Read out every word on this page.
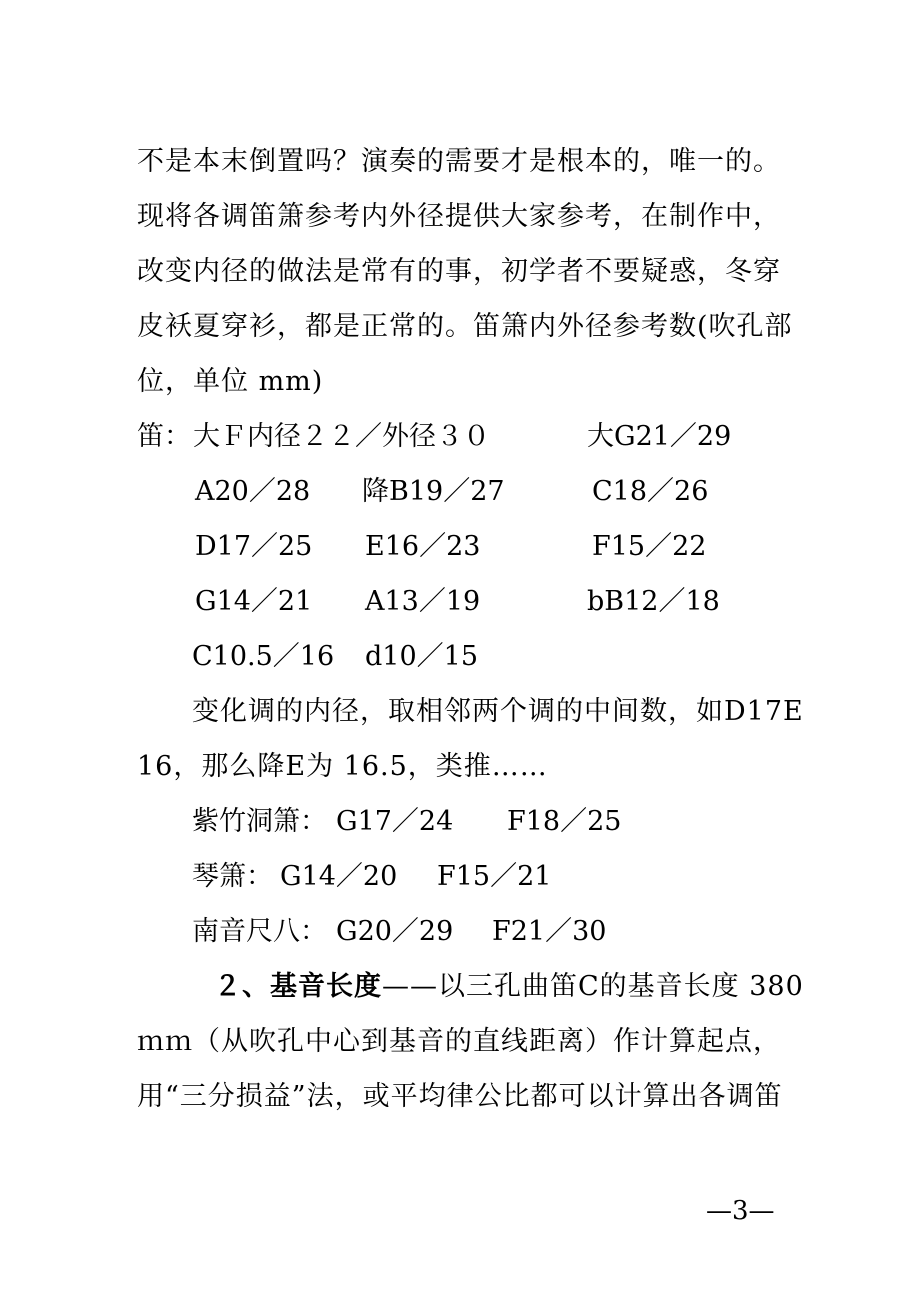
不是本末倒置吗？演奏的需要才是根本的，唯一的。
现将各调笛箫参考内外径提供大家参考，在制作中，
改变内径的做法是常有的事，初学者不要疑惑，冬穿
皮袄夏穿衫，都是正常的。笛箫内外径参考数(吹孔部
位，单位 mm)
笛： 大Ｆ内径２２／外径３０	大G21／29
A20／28 降B19／27	C18／26
D17／25 E16／23	F15／22
G14／21 A13／19	bB12／18
C10.5／16 d10／15
变化调的内径，取相邻两个调的中间数，如D17E
16，那么降E为 16.5，类推……
紫竹洞箫： G17／24 F18／25
琴箫： G14／20 F15／21
南音尺八： G20／29 F21／30
２、基音长度——以三孔曲笛C的基音长度 380
ｍｍ（从吹孔中心到基音的直线距离）作计算起点，
用“三分损益”法，或平均律公比都可以计算出各调笛
—3—
